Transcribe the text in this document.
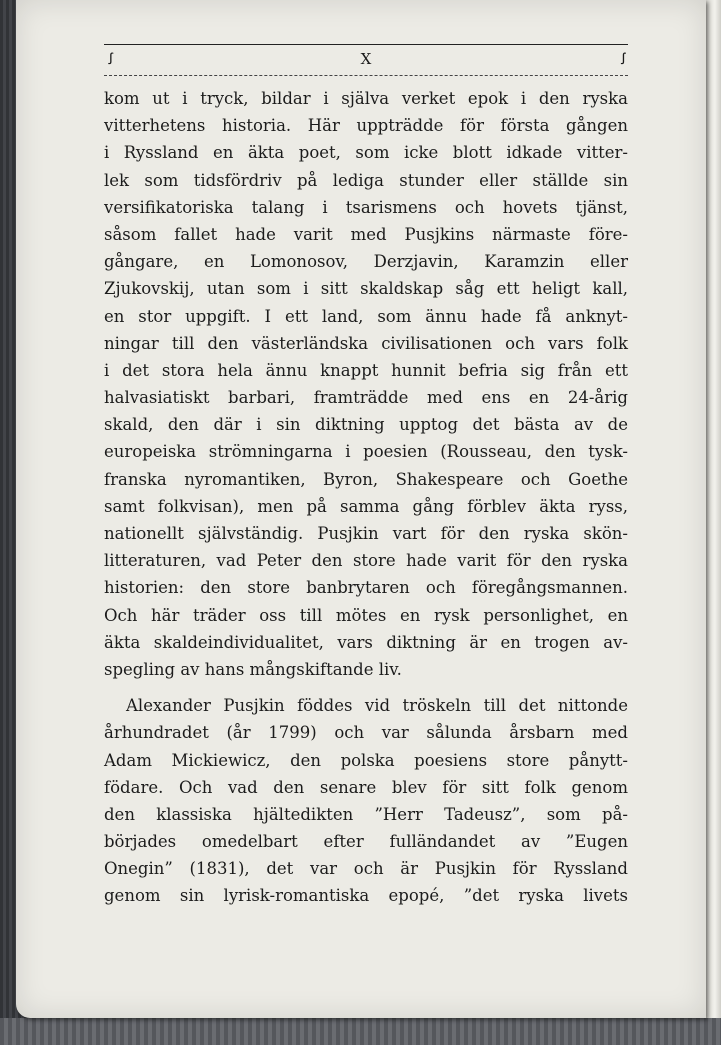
ꭍ	X	ꭍ
kom ut i tryck, bildar i själva verket epok i den ryska
vitterhetens historia. Här uppträdde för första gången
i Ryssland en äkta poet, som icke blott idkade vitter-
lek som tidsfördriv på lediga stunder eller ställde sin
versifikatoriska talang i tsarismens och hovets tjänst,
såsom fallet hade varit med Pusjkins närmaste före-
gångare, en Lomonosov, Derzjavin, Karamzin eller
Zjukovskij, utan som i sitt skaldskap såg ett heligt kall,
en stor uppgift. I ett land, som ännu hade få anknyt-
ningar till den västerländska civilisationen och vars folk
i det stora hela ännu knappt hunnit befria sig från ett
halvasiatiskt barbari, framträdde med ens en 24-årig
skald, den där i sin diktning upptog det bästa av de
europeiska strömningarna i poesien (Rousseau, den tysk-
franska nyromantiken, Byron, Shakespeare och Goethe
samt folkvisan), men på samma gång förblev äkta ryss,
nationellt självständig. Pusjkin vart för den ryska skön-
litteraturen, vad Peter den store hade varit för den ryska
historien: den store banbrytaren och föregångsmannen.
Och här träder oss till mötes en rysk personlighet, en
äkta skaldeindividualitet, vars diktning är en trogen av-
spegling av hans mångskiftande liv.
Alexander Pusjkin föddes vid tröskeln till det nittonde
århundradet (år 1799) och var sålunda årsbarn med
Adam Mickiewicz, den polska poesiens store pånytt-
födare. Och vad den senare blev för sitt folk genom
den klassiska hjältedikten ”Herr Tadeusz”, som på-
börjades omedelbart efter fulländandet av ”Eugen
Onegin” (1831), det var och är Pusjkin för Ryssland
genom sin lyrisk-romantiska epopé, ”det ryska livets
